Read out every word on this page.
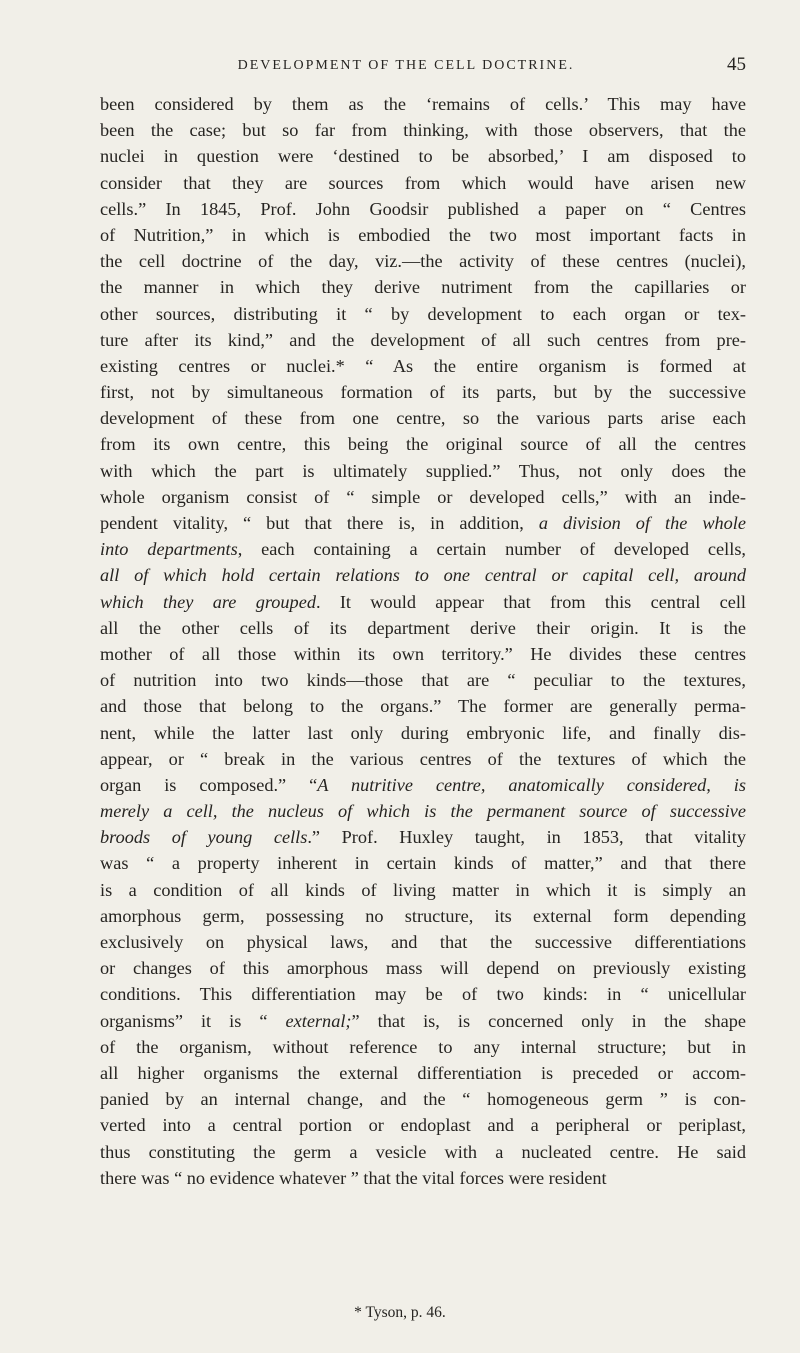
DEVELOPMENT OF THE CELL DOCTRINE.	45
been considered by them as the ‘remains of cells.’ This may have
been the case; but so far from thinking, with those observers, that the
nuclei in question were ‘destined to be absorbed,’ I am disposed to
consider that they are sources from which would have arisen new
cells.” In 1845, Prof. John Goodsir published a paper on “ Centres
of Nutrition,” in which is embodied the two most important facts in
the cell doctrine of the day, viz.—the activity of these centres (nuclei),
the manner in which they derive nutriment from the capillaries or
other sources, distributing it “ by development to each organ or tex-
ture after its kind,” and the development of all such centres from pre-
existing centres or nuclei.* “ As the entire organism is formed at
first, not by simultaneous formation of its parts, but by the successive
development of these from one centre, so the various parts arise each
from its own centre, this being the original source of all the centres
with which the part is ultimately supplied.” Thus, not only does the
whole organism consist of “ simple or developed cells,” with an inde-
pendent vitality, “ but that there is, in addition, a division of the whole
into departments, each containing a certain number of developed cells,
all of which hold certain relations to one central or capital cell, around
which they are grouped. It would appear that from this central cell
all the other cells of its department derive their origin. It is the
mother of all those within its own territory.” He divides these centres
of nutrition into two kinds—those that are “ peculiar to the textures,
and those that belong to the organs.” The former are generally perma-
nent, while the latter last only during embryonic life, and finally dis-
appear, or “ break in the various centres of the textures of which the
organ is composed.” “A nutritive centre, anatomically considered, is
merely a cell, the nucleus of which is the permanent source of successive
broods of young cells.” Prof. Huxley taught, in 1853, that vitality
was “ a property inherent in certain kinds of matter,” and that there
is a condition of all kinds of living matter in which it is simply an
amorphous germ, possessing no structure, its external form depending
exclusively on physical laws, and that the successive differentiations
or changes of this amorphous mass will depend on previously existing
conditions. This differentiation may be of two kinds: in “ unicellular
organisms” it is “ external;” that is, is concerned only in the shape
of the organism, without reference to any internal structure; but in
all higher organisms the external differentiation is preceded or accom-
panied by an internal change, and the “ homogeneous germ ” is con-
verted into a central portion or endoplast and a peripheral or periplast,
thus constituting the germ a vesicle with a nucleated centre. He said
there was “ no evidence whatever ” that the vital forces were resident
* Tyson, p. 46.
